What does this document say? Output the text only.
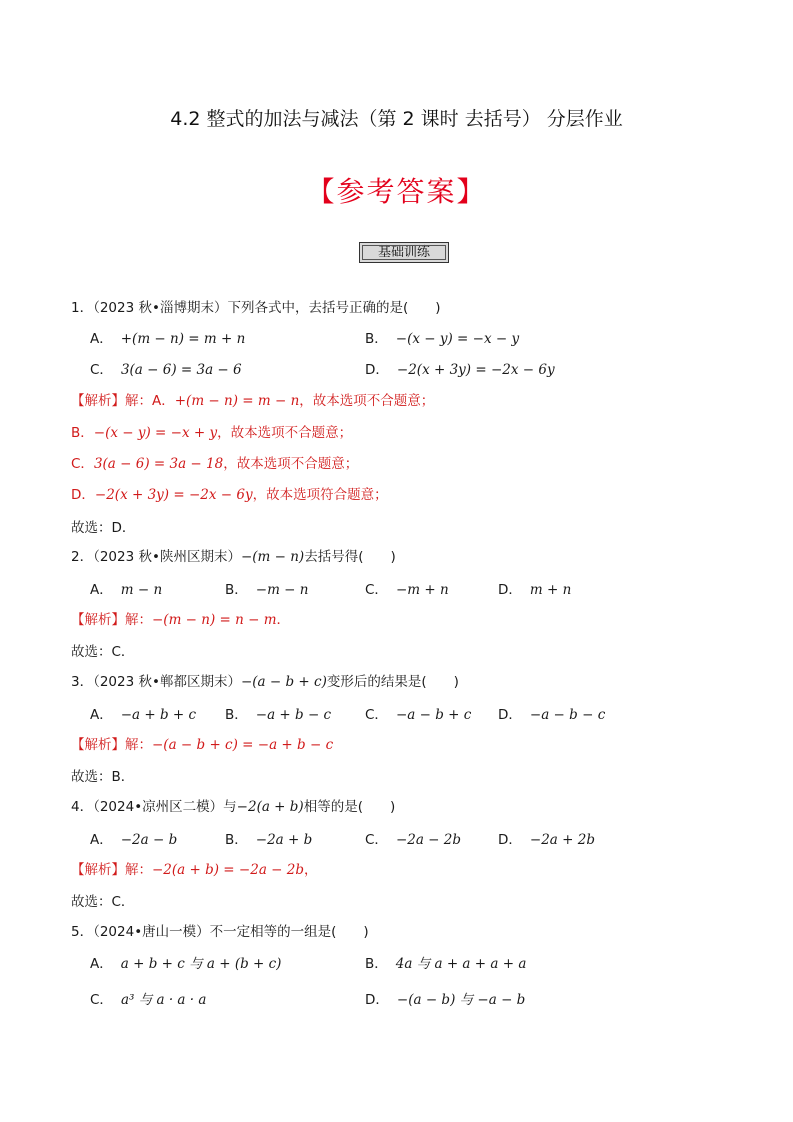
4.2 整式的加法与减法（第 2 课时 去括号） 分层作业
【参考答案】
基础训练
1．（2023 秋•淄博期末）下列各式中，去括号正确的是(　　)
A． +(m − n) = m + n	B． −(x − y) = −x − y
C． 3(a − 6) = 3a − 6	D． −2(x + 3y) = −2x − 6y
【解析】解：A．+(m − n) = m − n，故本选项不合题意；
B．−(x − y) = −x + y，故本选项不合题意；
C．3(a − 6) = 3a − 18，故本选项不合题意；
D．−2(x + 3y) = −2x − 6y，故本选项符合题意；
故选：D．
2．（2023 秋•陕州区期末）−(m − n)去括号得(　　)
A． m − n	B． −m − n	C． −m + n	D． m + n
【解析】解：−(m − n) = n − m．
故选：C．
3．（2023 秋•郸都区期末）−(a − b + c)变形后的结果是(　　)
A． −a + b + c B． −a + b − c	C． −a − b + c D． −a − b − c
【解析】解：−(a − b + c) = −a + b − c
故选：B．
4．（2024•凉州区二模）与−2(a + b)相等的是(　　)
A． −2a − b	B． −2a + b	C． −2a − 2b	D． −2a + 2b
【解析】解：−2(a + b) = −2a − 2b，
故选：C．
5．（2024•唐山一模）不一定相等的一组是(　　)
A． a + b + c 与 a + (b + c)	B． 4a 与 a + a + a + a
C． a³ 与 a · a · a	D． −(a − b) 与 −a − b
